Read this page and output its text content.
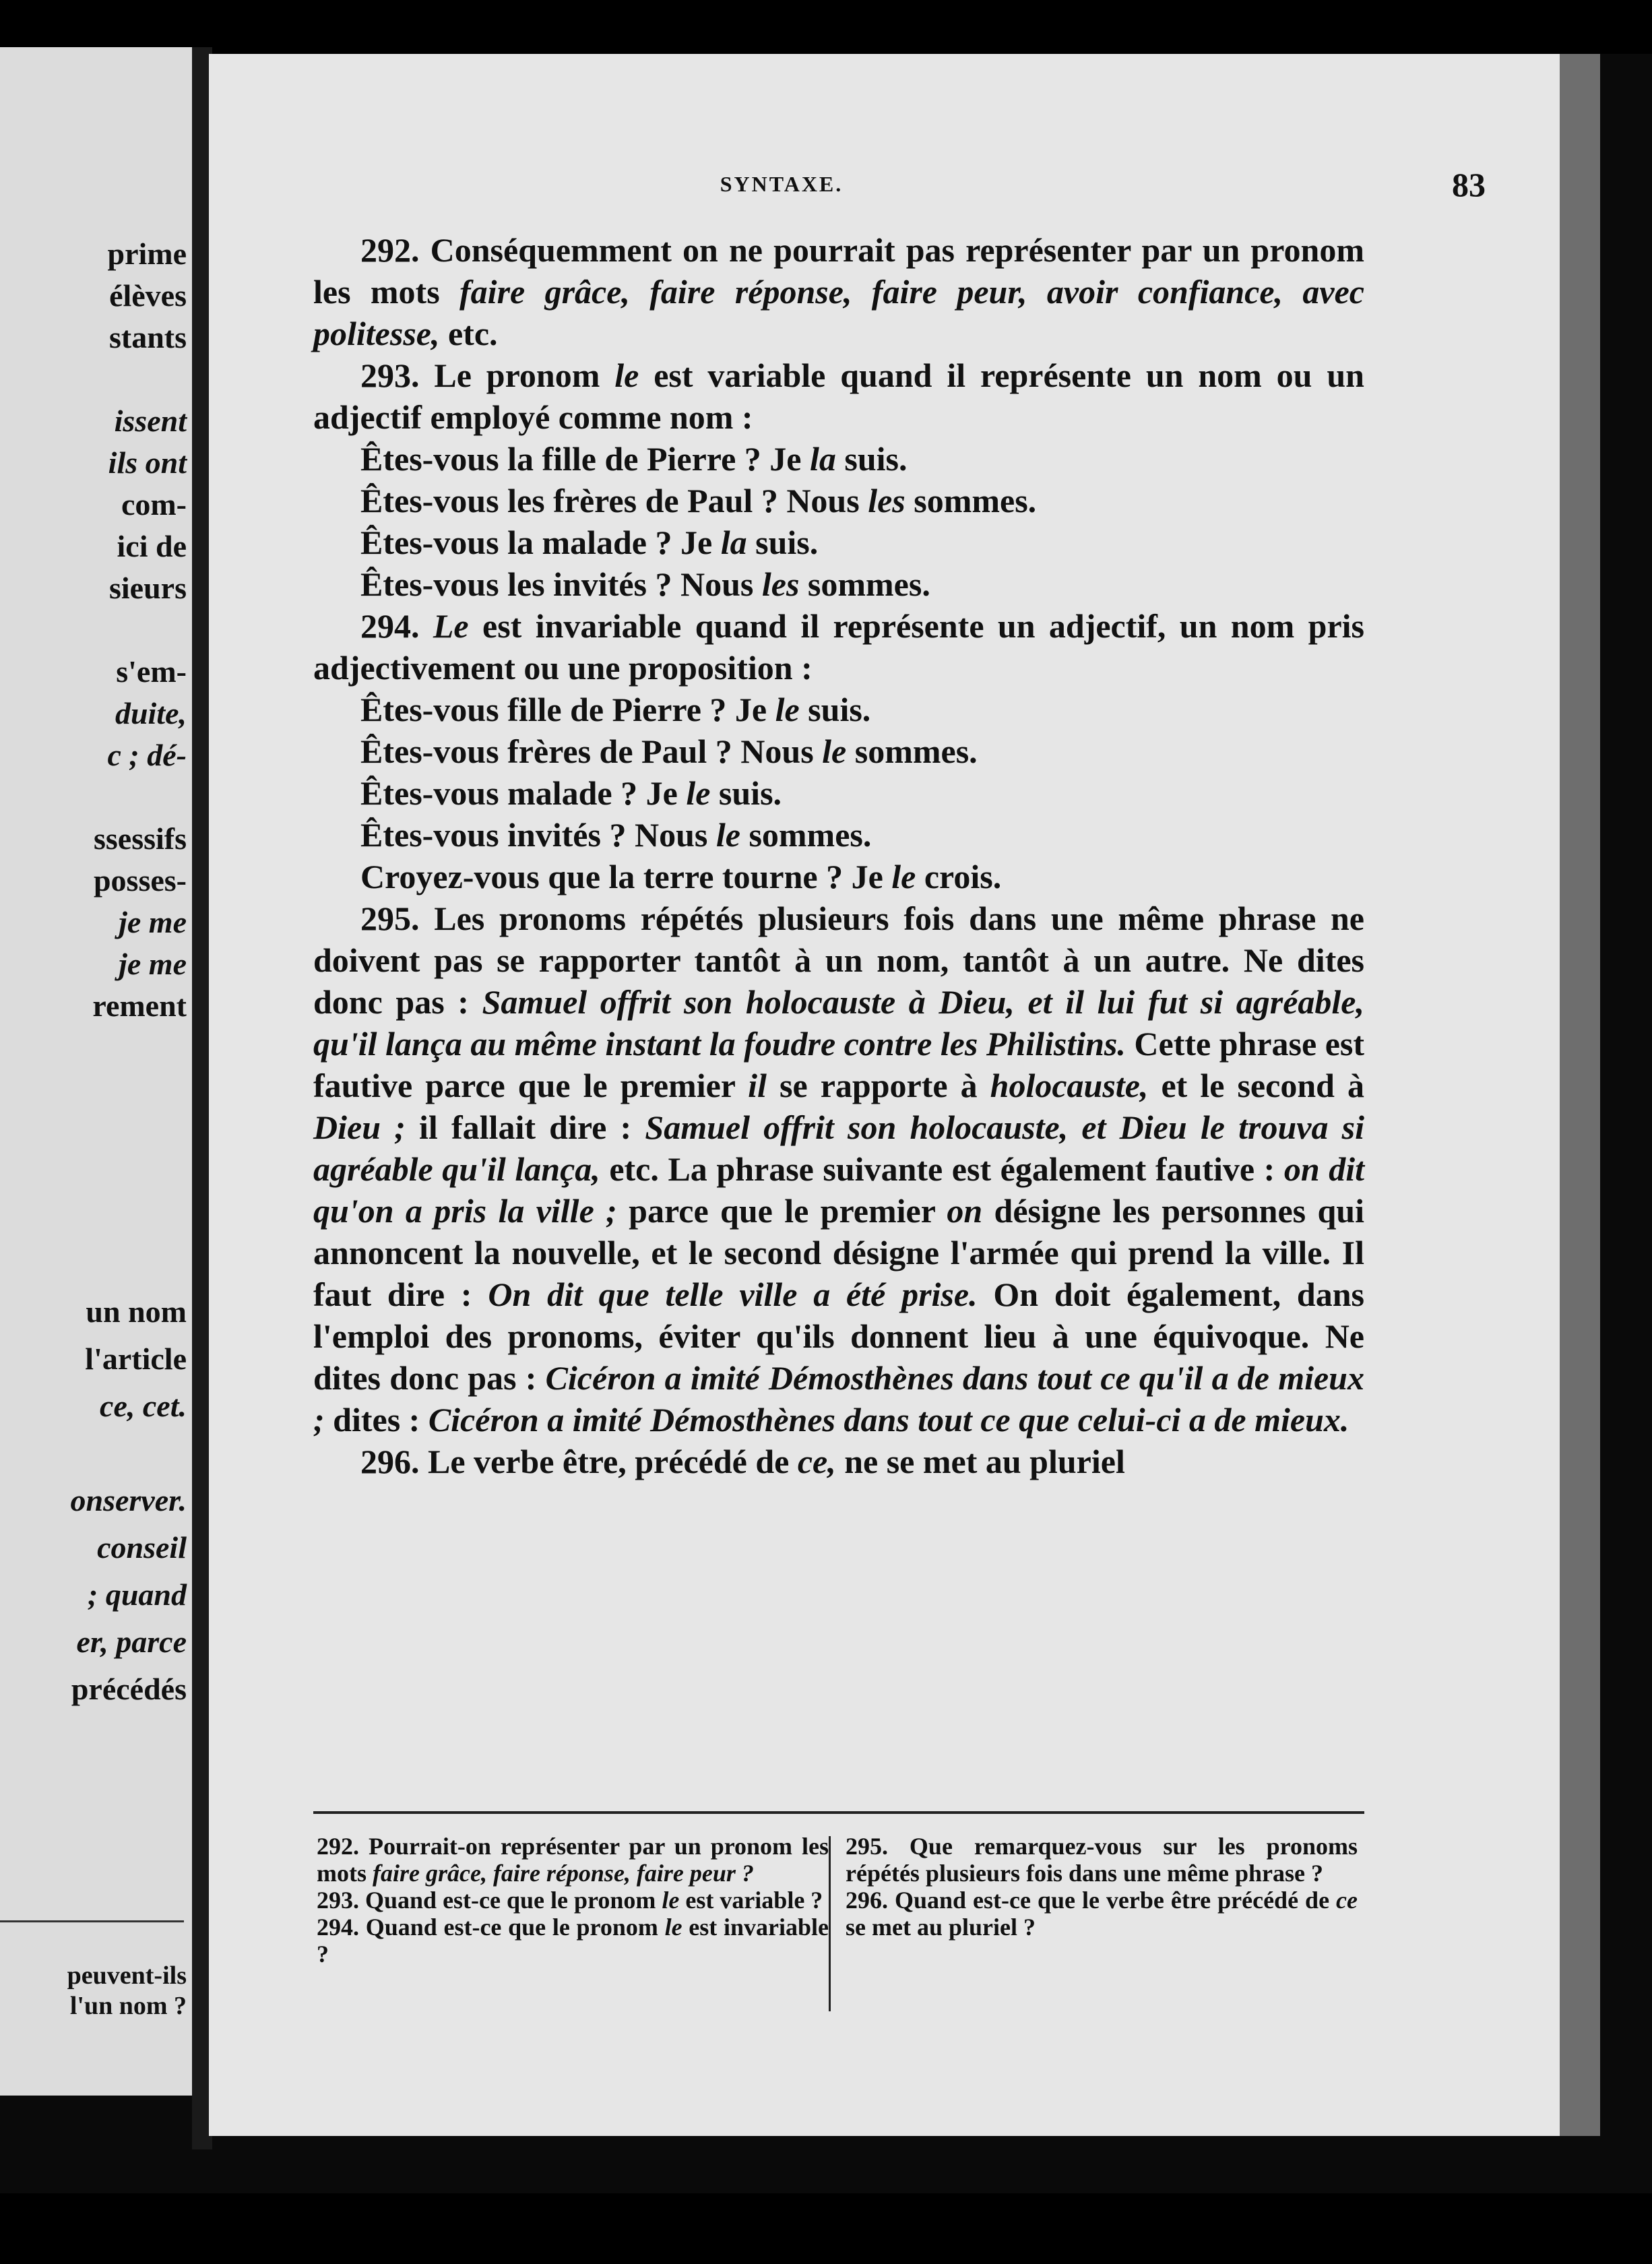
prime
élèves
stants
issent
ils ont
com-
ici de
sieurs
s'em-
duite,
c ; dé-
ssessifs
posses-
je me
je me
rement
un nom
l'article
ce, cet.
onserver.
conseil
; quand
er, parce
précédés
peuvent-ils
l'un nom ?
SYNTAXE.	83

292. Conséquemment on ne pourrait pas représenter par un pronom les mots faire grâce, faire réponse, faire peur, avoir confiance, avec politesse, etc.

293. Le pronom le est variable quand il représente un nom ou un adjectif employé comme nom :

Êtes-vous la fille de Pierre ? Je la suis.

Êtes-vous les frères de Paul ? Nous les sommes.

Êtes-vous la malade ? Je la suis.

Êtes-vous les invités ? Nous les sommes.

294. Le est invariable quand il représente un adjectif, un nom pris adjectivement ou une proposition :

Êtes-vous fille de Pierre ? Je le suis.

Êtes-vous frères de Paul ? Nous le sommes.

Êtes-vous malade ? Je le suis.

Êtes-vous invités ? Nous le sommes.

Croyez-vous que la terre tourne ? Je le crois.

295. Les pronoms répétés plusieurs fois dans une même phrase ne doivent pas se rapporter tantôt à un nom, tantôt à un autre. Ne dites donc pas : Samuel offrit son holocauste à Dieu, et il lui fut si agréable, qu'il lança au même instant la foudre contre les Philistins. Cette phrase est fautive parce que le premier il se rapporte à holocauste, et le second à Dieu ; il fallait dire : Samuel offrit son holocauste, et Dieu le trouva si agréable qu'il lança, etc. La phrase suivante est également fautive : on dit qu'on a pris la ville ; parce que le premier on désigne les personnes qui annoncent la nouvelle, et le second désigne l'armée qui prend la ville. Il faut dire : On dit que telle ville a été prise. On doit également, dans l'emploi des pronoms, éviter qu'ils donnent lieu à une équivoque. Ne dites donc pas : Cicéron a imité Démosthènes dans tout ce qu'il a de mieux ; dites : Cicéron a imité Démosthènes dans tout ce que celui-ci a de mieux.

296. Le verbe être, précédé de ce, ne se met au pluriel

292. Pourrait-on représenter par un pronom les mots faire grâce, faire réponse, faire peur ?

293. Quand est-ce que le pronom le est variable ?

294. Quand est-ce que le pronom le est invariable ?

295. Que remarquez-vous sur les pronoms répétés plusieurs fois dans une même phrase ?

296. Quand est-ce que le verbe être précédé de ce se met au pluriel ?
